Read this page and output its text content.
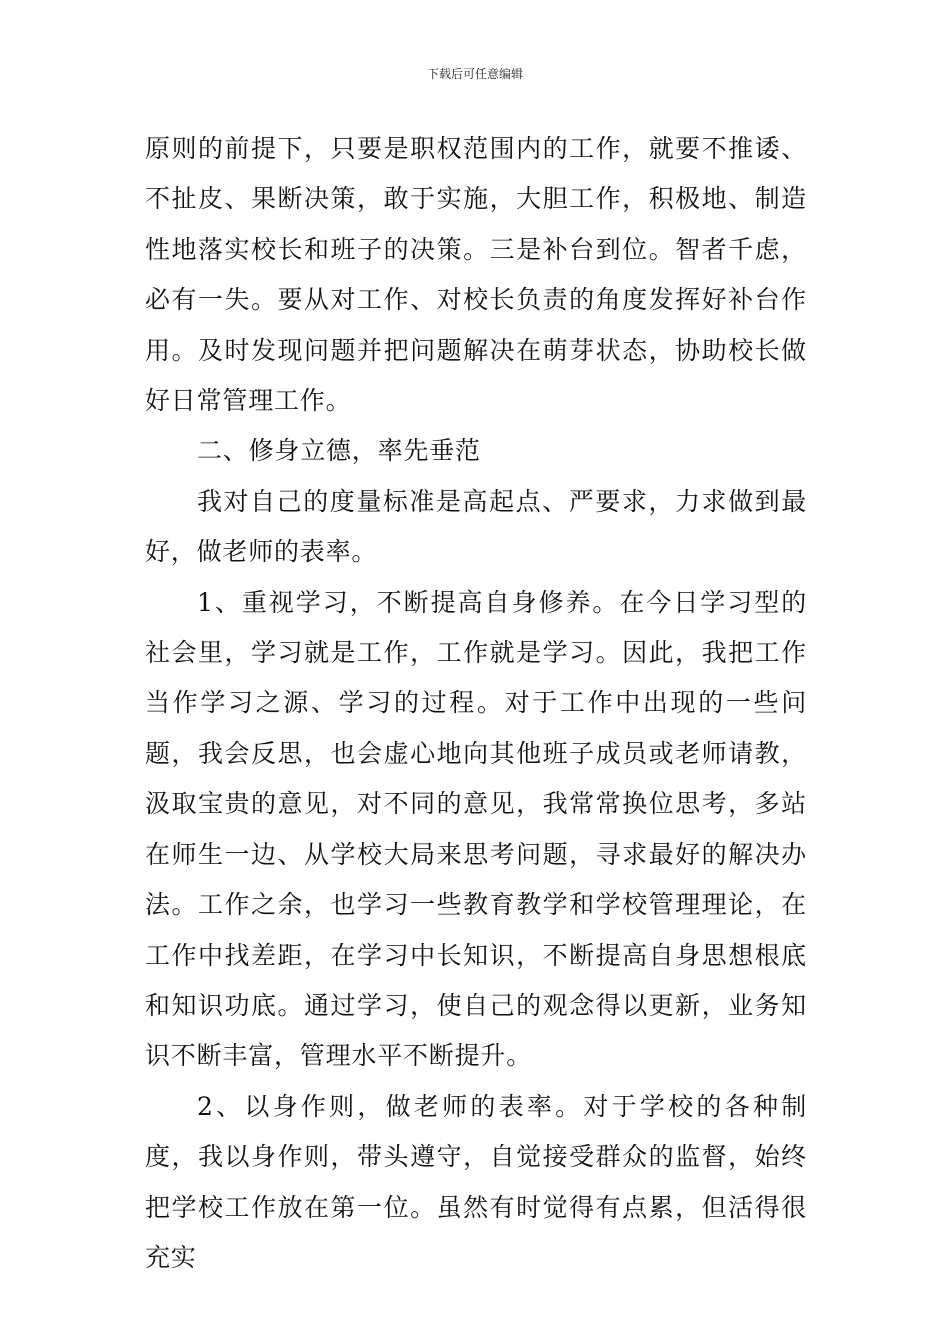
下载后可任意编辑

原则的前提下，只要是职权范围内的工作，就要不推诿、不扯皮、果断决策，敢于实施，大胆工作，积极地、制造性地落实校长和班子的决策。三是补台到位。智者千虑，必有一失。要从对工作、对校长负责的角度发挥好补台作用。及时发现问题并把问题解决在萌芽状态，协助校长做好日常管理工作。

二、修身立德，率先垂范

我对自己的度量标准是高起点、严要求，力求做到最好，做老师的表率。

1、重视学习，不断提高自身修养。在今日学习型的社会里，学习就是工作，工作就是学习。因此，我把工作当作学习之源、学习的过程。对于工作中出现的一些问题，我会反思，也会虚心地向其他班子成员或老师请教，汲取宝贵的意见，对不同的意见，我常常换位思考，多站在师生一边、从学校大局来思考问题，寻求最好的解决办法。工作之余，也学习一些教育教学和学校管理理论，在工作中找差距，在学习中长知识，不断提高自身思想根底和知识功底。通过学习，使自己的观念得以更新，业务知识不断丰富，管理水平不断提升。

2、以身作则，做老师的表率。对于学校的各种制度，我以身作则，带头遵守，自觉接受群众的监督，始终把学校工作放在第一位。虽然有时觉得有点累，但活得很充实
